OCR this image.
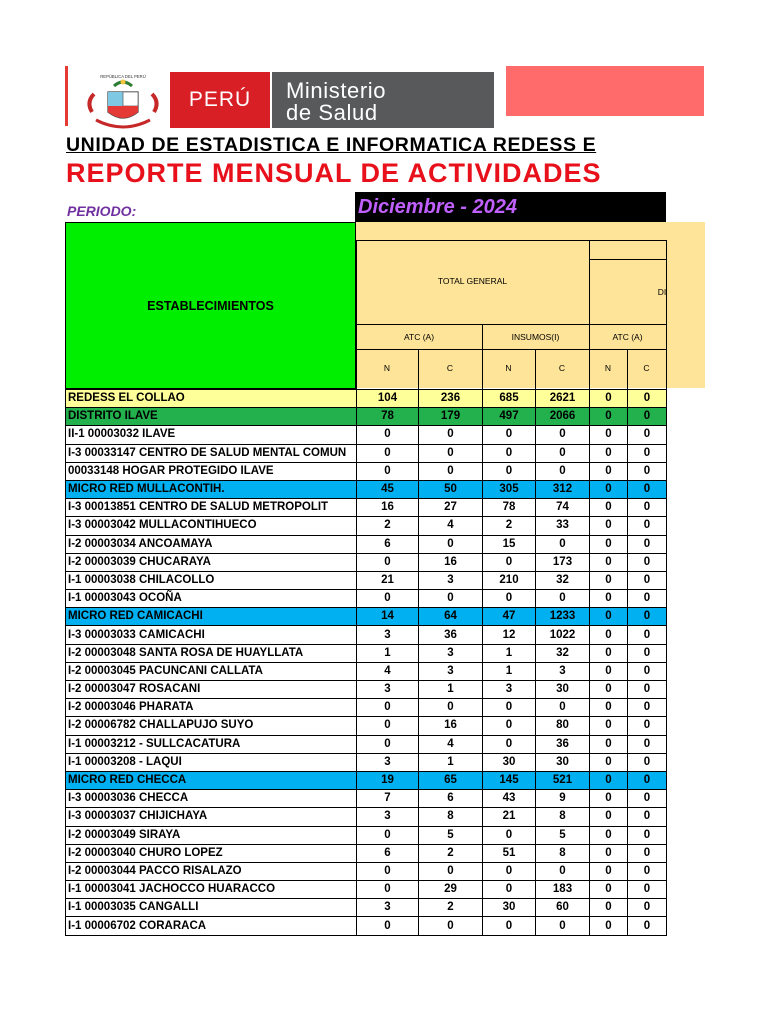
REPÚBLICA DEL PERÚ
PERÚ Ministerio
de Salud
UNIDAD DE ESTADISTICA E INFORMATICA REDESS E
REPORTE MENSUAL DE ACTIVIDADES
PERIODO:	Diciembre - 2024
ESTABLECIMIENTOS
TOTAL GENERAL
DI
ATC (A)	INSUMOS(I)	ATC (A)
N	C	N	C	N	C
REDESS EL COLLAO	104	236	685	2621	0	0
DISTRITO ILAVE	78	179	497	2066	0	0
II-1 00003032 ILAVE	0	0	0	0	0	0
I-3 00033147 CENTRO DE SALUD MENTAL COMUN	0	0	0	0	0	0
00033148 HOGAR PROTEGIDO ILAVE	0	0	0	0	0	0
MICRO RED MULLACONTIH.	45	50	305	312	0	0
I-3 00013851 CENTRO DE SALUD METROPOLIT	16	27	78	74	0	0
I-3 00003042 MULLACONTIHUECO	2	4	2	33	0	0
I-2 00003034 ANCOAMAYA	6	0	15	0	0	0
I-2 00003039 CHUCARAYA	0	16	0	173	0	0
I-1 00003038 CHILACOLLO	21	3	210	32	0	0
I-1 00003043 OCOÑA	0	0	0	0	0	0
MICRO RED CAMICACHI	14	64	47	1233	0	0
I-3 00003033 CAMICACHI	3	36	12	1022	0	0
I-2 00003048 SANTA ROSA DE HUAYLLATA	1	3	1	32	0	0
I-2 00003045 PACUNCANI CALLATA	4	3	1	3	0	0
I-2 00003047 ROSACANI	3	1	3	30	0	0
I-2 00003046 PHARATA	0	0	0	0	0	0
I-2 00006782 CHALLAPUJO SUYO	0	16	0	80	0	0
I-1 00003212 - SULLCACATURA	0	4	0	36	0	0
I-1 00003208 - LAQUI	3	1	30	30	0	0
MICRO RED CHECCA	19	65	145	521	0	0
I-3 00003036 CHECCA	7	6	43	9	0	0
I-3 00003037 CHIJICHAYA	3	8	21	8	0	0
I-2 00003049 SIRAYA	0	5	0	5	0	0
I-2 00003040 CHURO LOPEZ	6	2	51	8	0	0
I-2 00003044 PACCO RISALAZO	0	0	0	0	0	0
I-1 00003041 JACHOCCO HUARACCO	0	29	0	183	0	0
I-1 00003035 CANGALLI	3	2	30	60	0	0
I-1 00006702 CORARACA	0	0	0	0	0	0
